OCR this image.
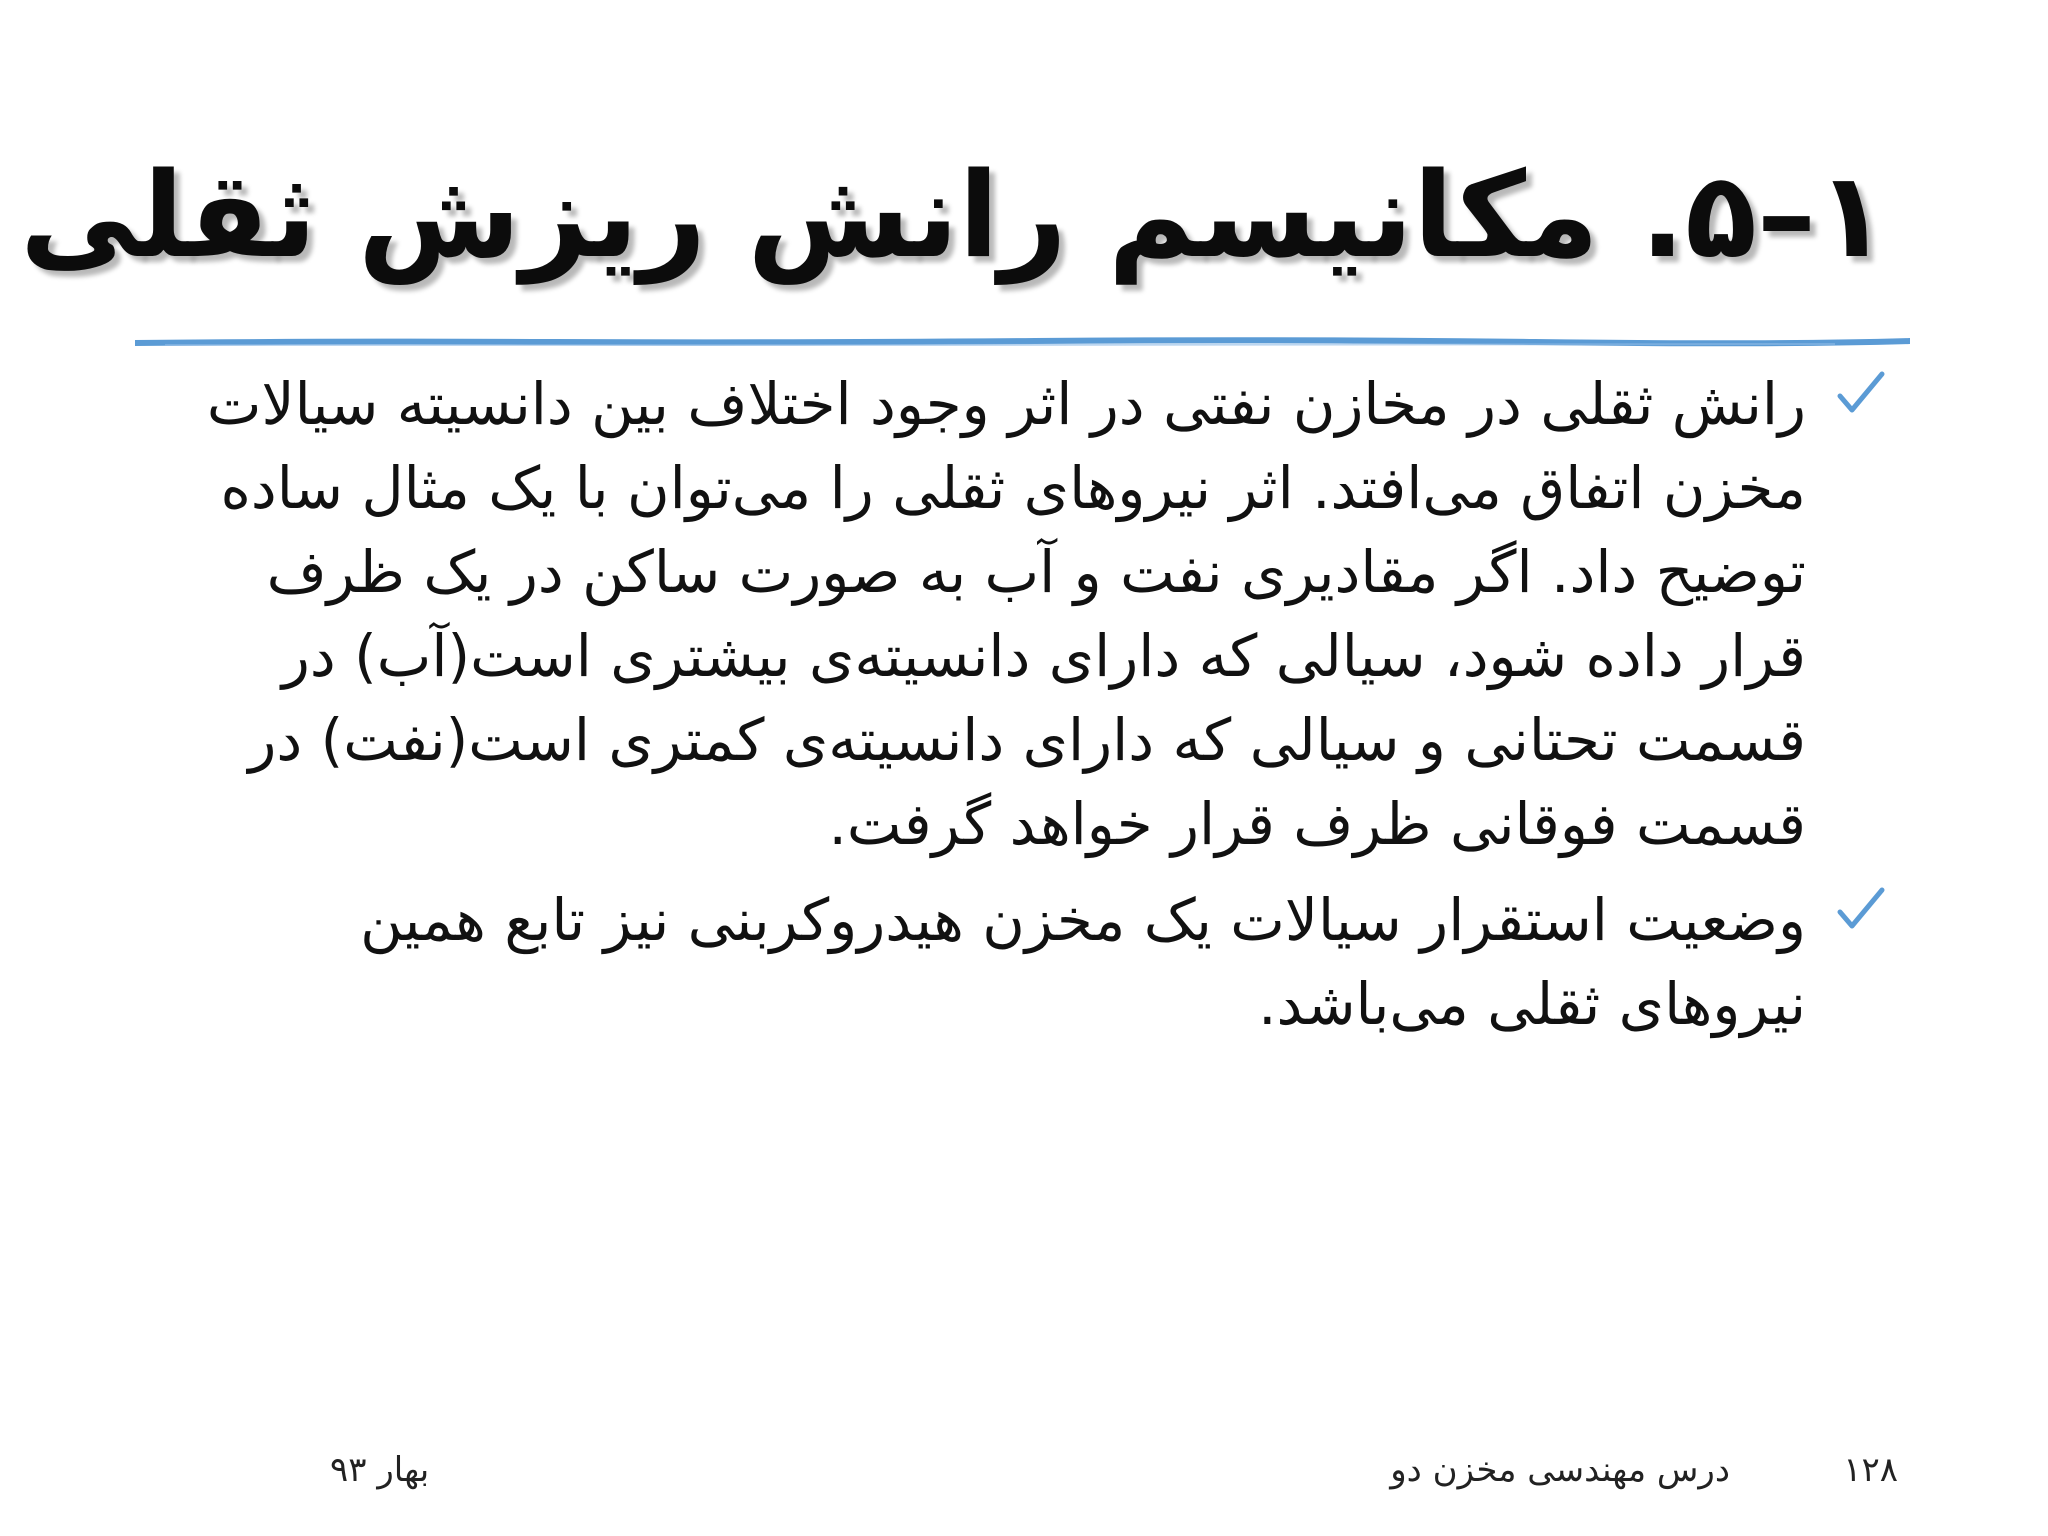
۱–۵. مکانیسم رانش ریزش ثقلی
رانش ثقلی در مخازن نفتی در اثر وجود اختلاف بین دانسیته سیالات مخزن اتفاق می‌افتد. اثر نیروهای ثقلی را می‌توان با یک مثال ساده توضیح داد. اگر مقادیری نفت و آب به صورت ساکن در یک ظرف قرار داده شود، سیالی که دارای دانسیته‌ی بیشتری است(آب) در قسمت تحتانی و سیالی که دارای دانسیته‌ی کمتری است(نفت) در قسمت فوقانی ظرف قرار خواهد گرفت.
وضعیت استقرار سیالات یک مخزن هیدروکربنی نیز تابع همین نیروهای ثقلی می‌باشد.
۱۲۸
درس مهندسی مخزن دو
بهار ۹۳
